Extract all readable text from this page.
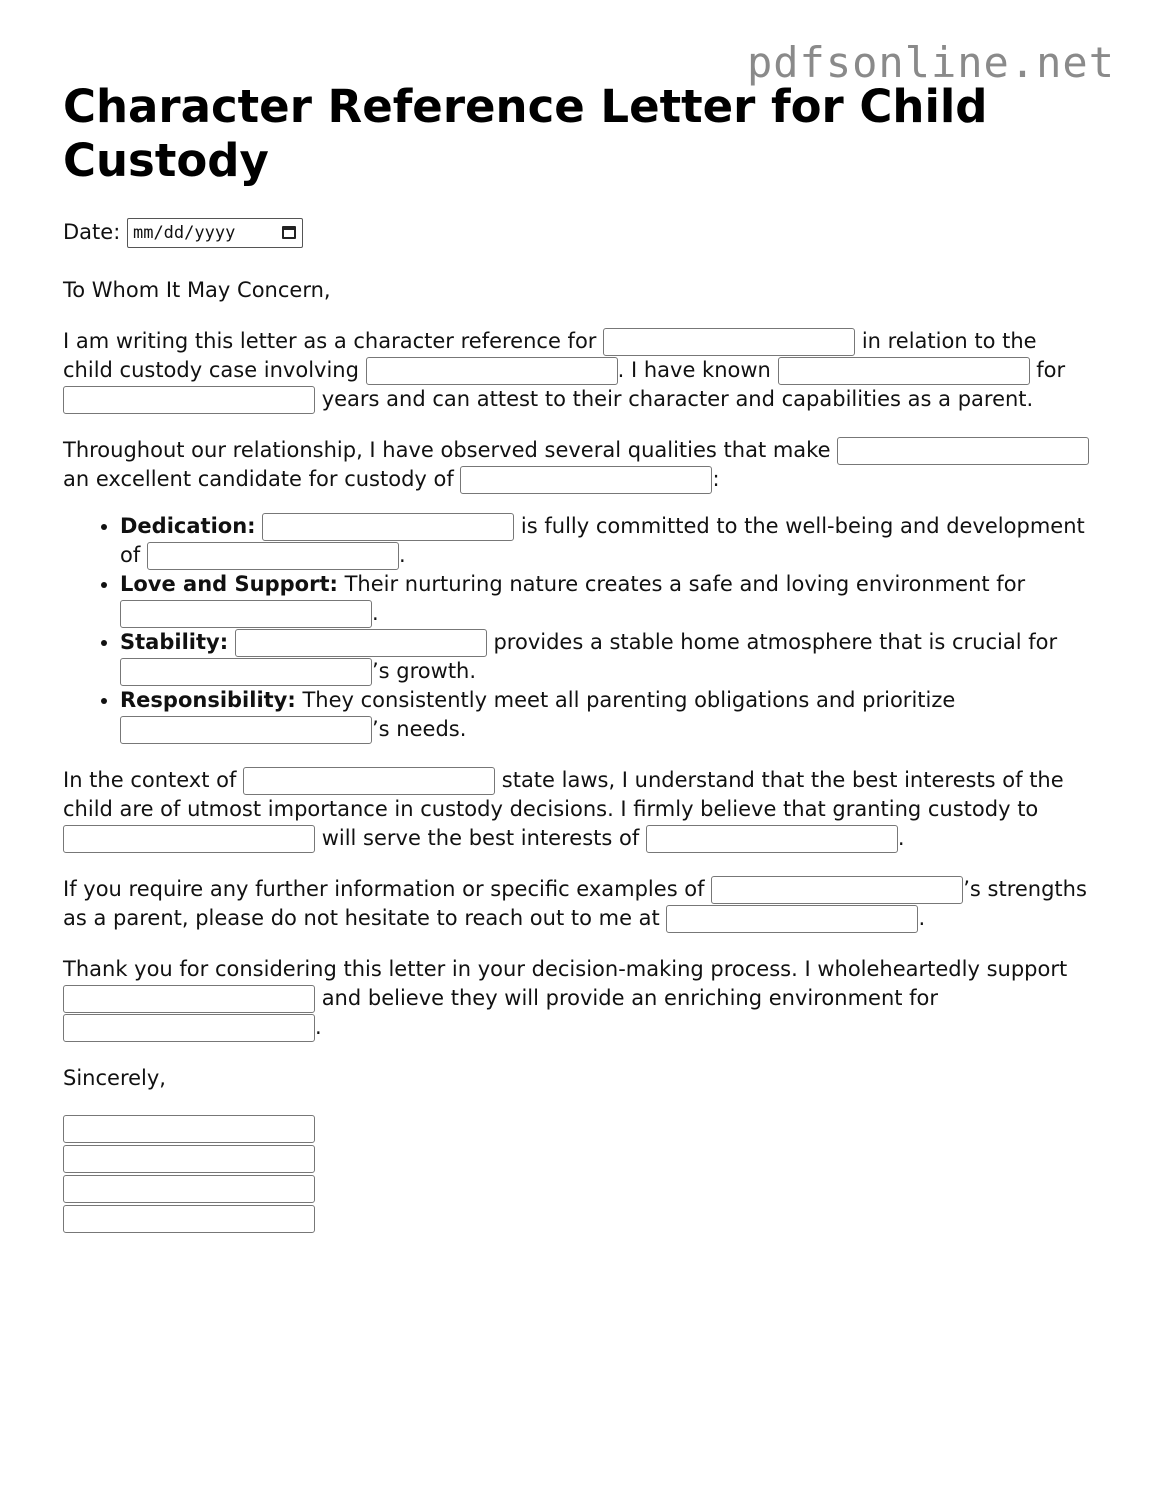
pdfsonline.net
Character Reference Letter for Child Custody

Date: mm/dd/yyyy

To Whom It May Concern,

I am writing this letter as a character reference for	in relation to the child custody case involving	. I have known	for  years and can attest to their character and capabilities as a parent.

Throughout our relationship, I have observed several qualities that make  an excellent candidate for custody of	:

• Dedication:	is fully committed to the well-being and development of	.
• Love and Support: Their nurturing nature creates a safe and loving environment for .
• Stability:	provides a stable home atmosphere that is crucial for ’s growth.
• Responsibility: They consistently meet all parenting obligations and prioritize ’s needs.

In the context of	state laws, I understand that the best interests of the child are of utmost importance in custody decisions. I firmly believe that granting custody to  will serve the best interests of	.

If you require any further information or specific examples of	’s strengths as a parent, please do not hesitate to reach out to me at	.

Thank you for considering this letter in your decision-making process. I wholeheartedly support  and believe they will provide an enriching environment for .

Sincerely,
